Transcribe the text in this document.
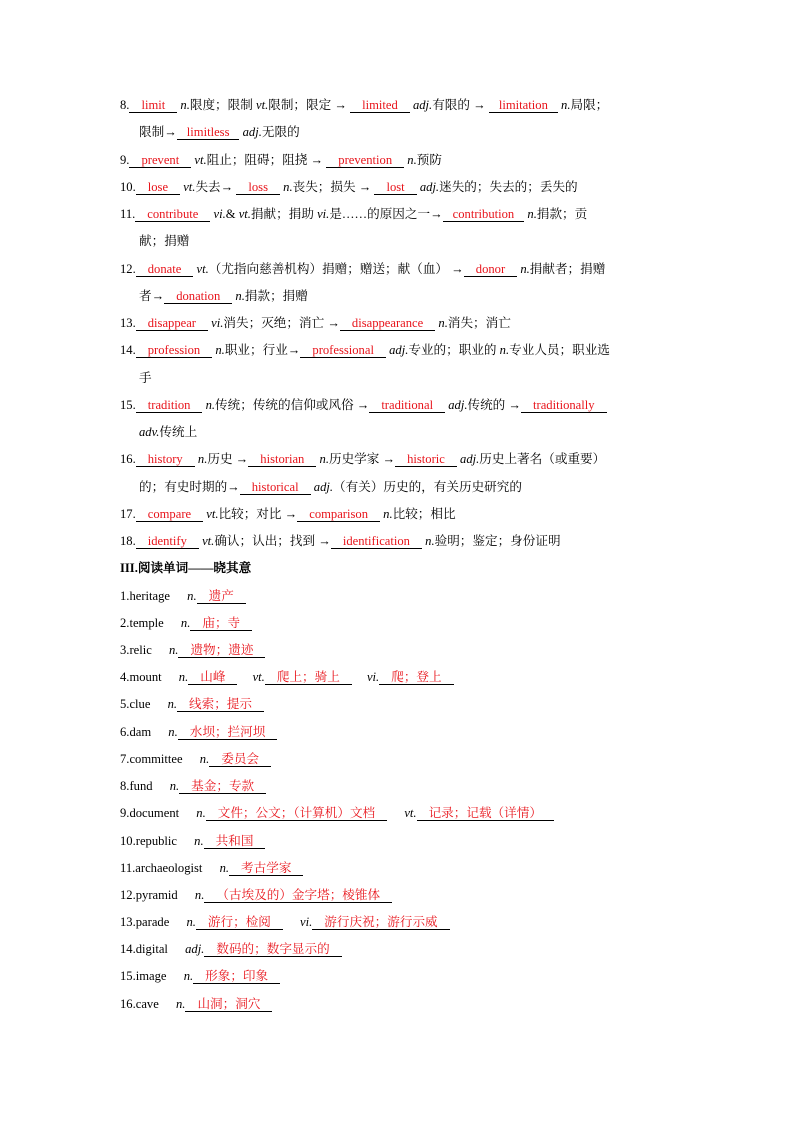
8. limit n.限度；限制 vt.限制；限定 → limited adj.有限的 → limitation n.局限；
限制→ limitless adj.无限的
9. prevent vt.阻止；阻碍；阻挠 → prevention n.预防
10. lose vt.失去→ loss n.丧失；损失 → lost adj.迷失的；失去的；丢失的
11. contribute vi.& vt.捐献；捐助 vi.是……的原因之一→ contribution n.捐款；贡
献；捐赠
12. donate vt.（尤指向慈善机构）捐赠；赠送；献（血） → donor n.捐献者；捐赠
者→ donation n.捐款；捐赠
13. disappear vi.消失；灭绝；消亡 → disappearance n.消失；消亡
14. profession n.职业；行业→ professional adj.专业的；职业的 n.专业人员；职业选
手
15. tradition n.传统；传统的信仰或风俗 → traditional adj.传统的 → traditionally
adv.传统上
16. history n.历史 → historian n.历史学家 → historic adj.历史上著名（或重要）
的；有史时期的→ historical adj.（有关）历史的，有关历史研究的
17. compare vt.比较；对比 → comparison n.比较；相比
18. identify vt.确认；认出；找到 → identification n.验明；鉴定；身份证明
III.阅读单词——晓其意
1.heritage n. 遗产
2.temple n. 庙；寺
3.relic n. 遗物；遗迹
4.mount n. 山峰 vt. 爬上；骑上 vi. 爬；登上
5.clue n. 线索；提示
6.dam n. 水坝；拦河坝
7.committee n. 委员会
8.fund n. 基金；专款
9.document n. 文件；公文；（计算机）文档 vt. 记录；记载（详情）
10.republic n. 共和国
11.archaeologist n. 考古学家
12.pyramid n. （古埃及的）金字塔；棱锥体
13.parade n. 游行；检阅 vi. 游行庆祝；游行示威
14.digital adj. 数码的；数字显示的
15.image n. 形象；印象
16.cave n. 山洞；洞穴
